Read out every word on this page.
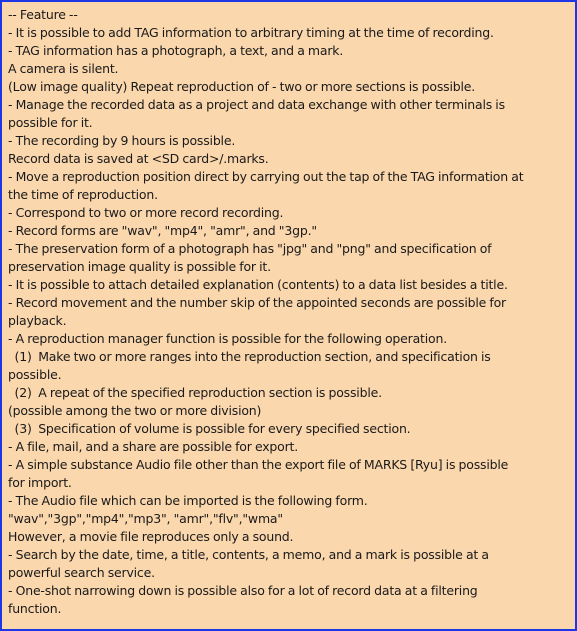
-- Feature --
- It is possible to add TAG information to arbitrary timing at the time of recording.
- TAG information has a photograph, a text, and a mark.
A camera is silent.
(Low image quality) Repeat reproduction of - two or more sections is possible.
- Manage the recorded data as a project and data exchange with other terminals is
possible for it.
- The recording by 9 hours is possible.
Record data is saved at <SD card>/.marks.
- Move a reproduction position direct by carrying out the tap of the TAG information at
the time of reproduction.
- Correspond to two or more record recording.
- Record forms are "wav", "mp4", "amr", and "3gp."
- The preservation form of a photograph has "jpg" and "png" and specification of
preservation image quality is possible for it.
- It is possible to attach detailed explanation (contents) to a data list besides a title.
- Record movement and the number skip of the appointed seconds are possible for
playback.
- A reproduction manager function is possible for the following operation.
(1)  Make two or more ranges into the reproduction section, and specification is
possible.
(2)  A repeat of the specified reproduction section is possible.
(possible among the two or more division)
(3)  Specification of volume is possible for every specified section.
- A file, mail, and a share are possible for export.
- A simple substance Audio file other than the export file of MARKS [Ryu] is possible
for import.
- The Audio file which can be imported is the following form.
"wav","3gp","mp4","mp3", "amr","flv","wma"
However, a movie file reproduces only a sound.
- Search by the date, time, a title, contents, a memo, and a mark is possible at a
powerful search service.
- One-shot narrowing down is possible also for a lot of record data at a filtering
function.
